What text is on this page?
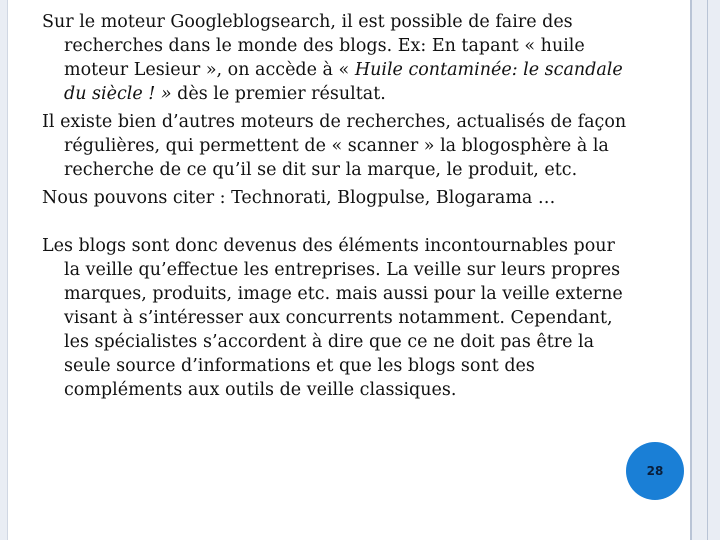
Sur le moteur Googleblogsearch, il est possible de faire des recherches dans le monde des blogs. Ex: En tapant « huile moteur Lesieur », on accède à « Huile contaminée: le scandale du siècle ! » dès le premier résultat.

Il existe bien d’autres moteurs de recherches, actualisés de façon régulières, qui permettent de « scanner » la blogosphère à la recherche de ce qu’il se dit sur la marque, le produit, etc.

Nous pouvons citer : Technorati, Blogpulse, Blogarama …

Les blogs sont donc devenus des éléments incontournables pour la veille qu’effectue les entreprises. La veille sur leurs propres marques, produits, image etc. mais aussi pour la veille externe visant à s’intéresser aux concurrents notamment. Cependant, les spécialistes s’accordent à dire que ce ne doit pas être la seule source d’informations et que les blogs sont des compléments aux outils de veille classiques.

28
